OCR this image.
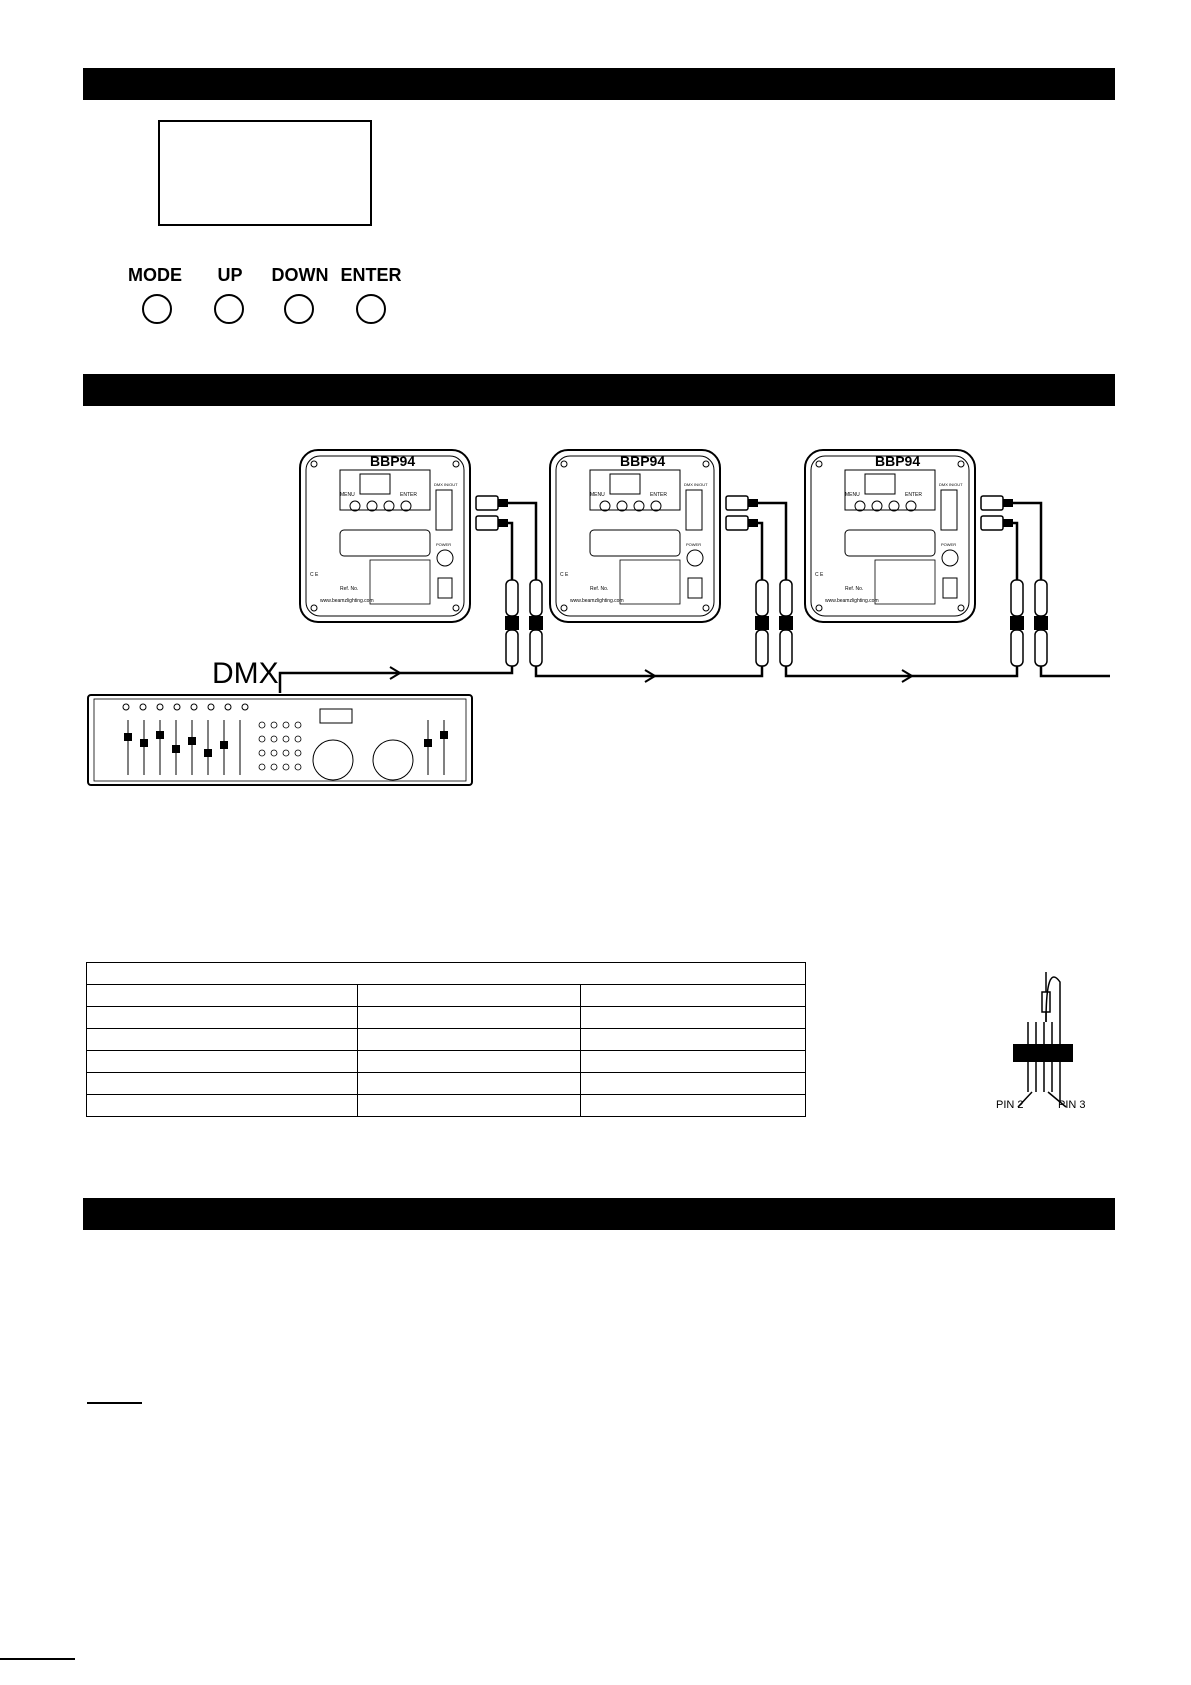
MODE	UP	DOWN ENTER
C E
www.beamzlighting.com
Ref. No.
BBP94
MENU	ENTER
DMX IN/OUT
POWER
BBP94
MENU	ENTER
DMX IN/OUT
POWER
BBP94
MENU	ENTER
DMX IN/OUT
POWER
DMX

PIN 2	PIN 3
